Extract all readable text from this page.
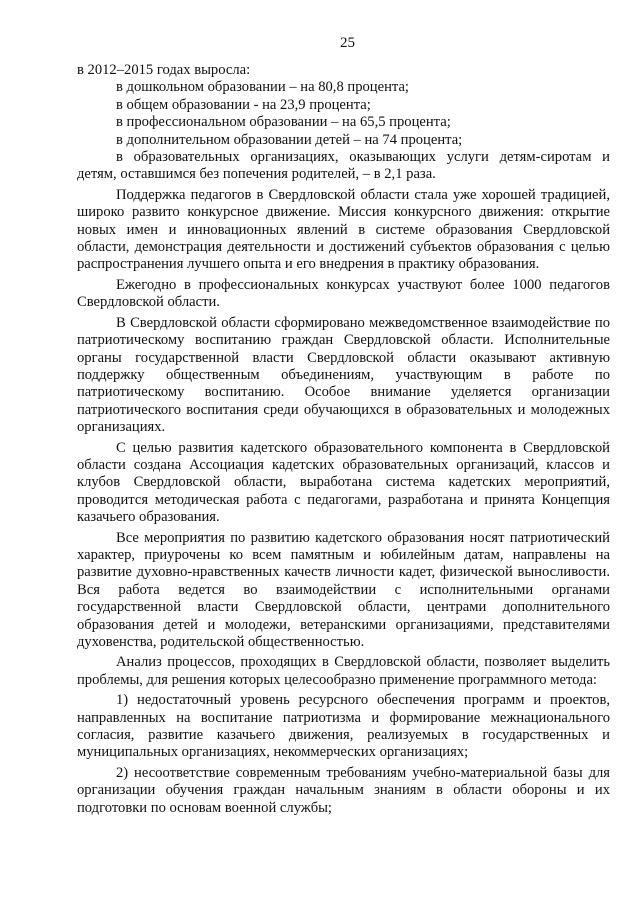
25

в 2012–2015 годах выросла:

в дошкольном образовании – на 80,8 процента;

в общем образовании - на 23,9 процента;

в профессиональном образовании – на 65,5 процента;

в дополнительном образовании детей – на 74 процента;

в образовательных организациях, оказывающих услуги детям-сиротам и детям, оставшимся без попечения родителей, – в 2,1 раза.

Поддержка педагогов в Свердловской области стала уже хорошей традицией, широко развито конкурсное движение. Миссия конкурсного движения: открытие новых имен и инновационных явлений в системе образования Свердловской области, демонстрация деятельности и достижений субъектов образования с целью распространения лучшего опыта и его внедрения в практику образования.

Ежегодно в профессиональных конкурсах участвуют более 1000 педагогов Свердловской области.

В Свердловской области сформировано межведомственное взаимодействие по патриотическому воспитанию граждан Свердловской области. Исполнительные органы государственной власти Свердловской области оказывают активную поддержку общественным объединениям, участвующим в работе по патриотическому воспитанию. Особое внимание уделяется организации патриотического воспитания среди обучающихся в образовательных и молодежных организациях.

С целью развития кадетского образовательного компонента в Свердловской области создана Ассоциация кадетских образовательных организаций, классов и клубов Свердловской области, выработана система кадетских мероприятий, проводится методическая работа с педагогами, разработана и принята Концепция казачьего образования.

Все мероприятия по развитию кадетского образования носят патриотический характер, приурочены ко всем памятным и юбилейным датам, направлены на развитие духовно-нравственных качеств личности кадет, физической выносливости. Вся работа ведется во взаимодействии с исполнительными органами государственной власти Свердловской области, центрами дополнительного образования детей и молодежи, ветеранскими организациями, представителями духовенства, родительской общественностью.

Анализ процессов, проходящих в Свердловской области, позволяет выделить проблемы, для решения которых целесообразно применение программного метода:

1) недостаточный уровень ресурсного обеспечения программ и проектов, направленных на воспитание патриотизма и формирование межнационального согласия, развитие казачьего движения, реализуемых в государственных и муниципальных организациях, некоммерческих организациях;

2) несоответствие современным требованиям учебно-материальной базы для организации обучения граждан начальным знаниям в области обороны и их подготовки по основам военной службы;
